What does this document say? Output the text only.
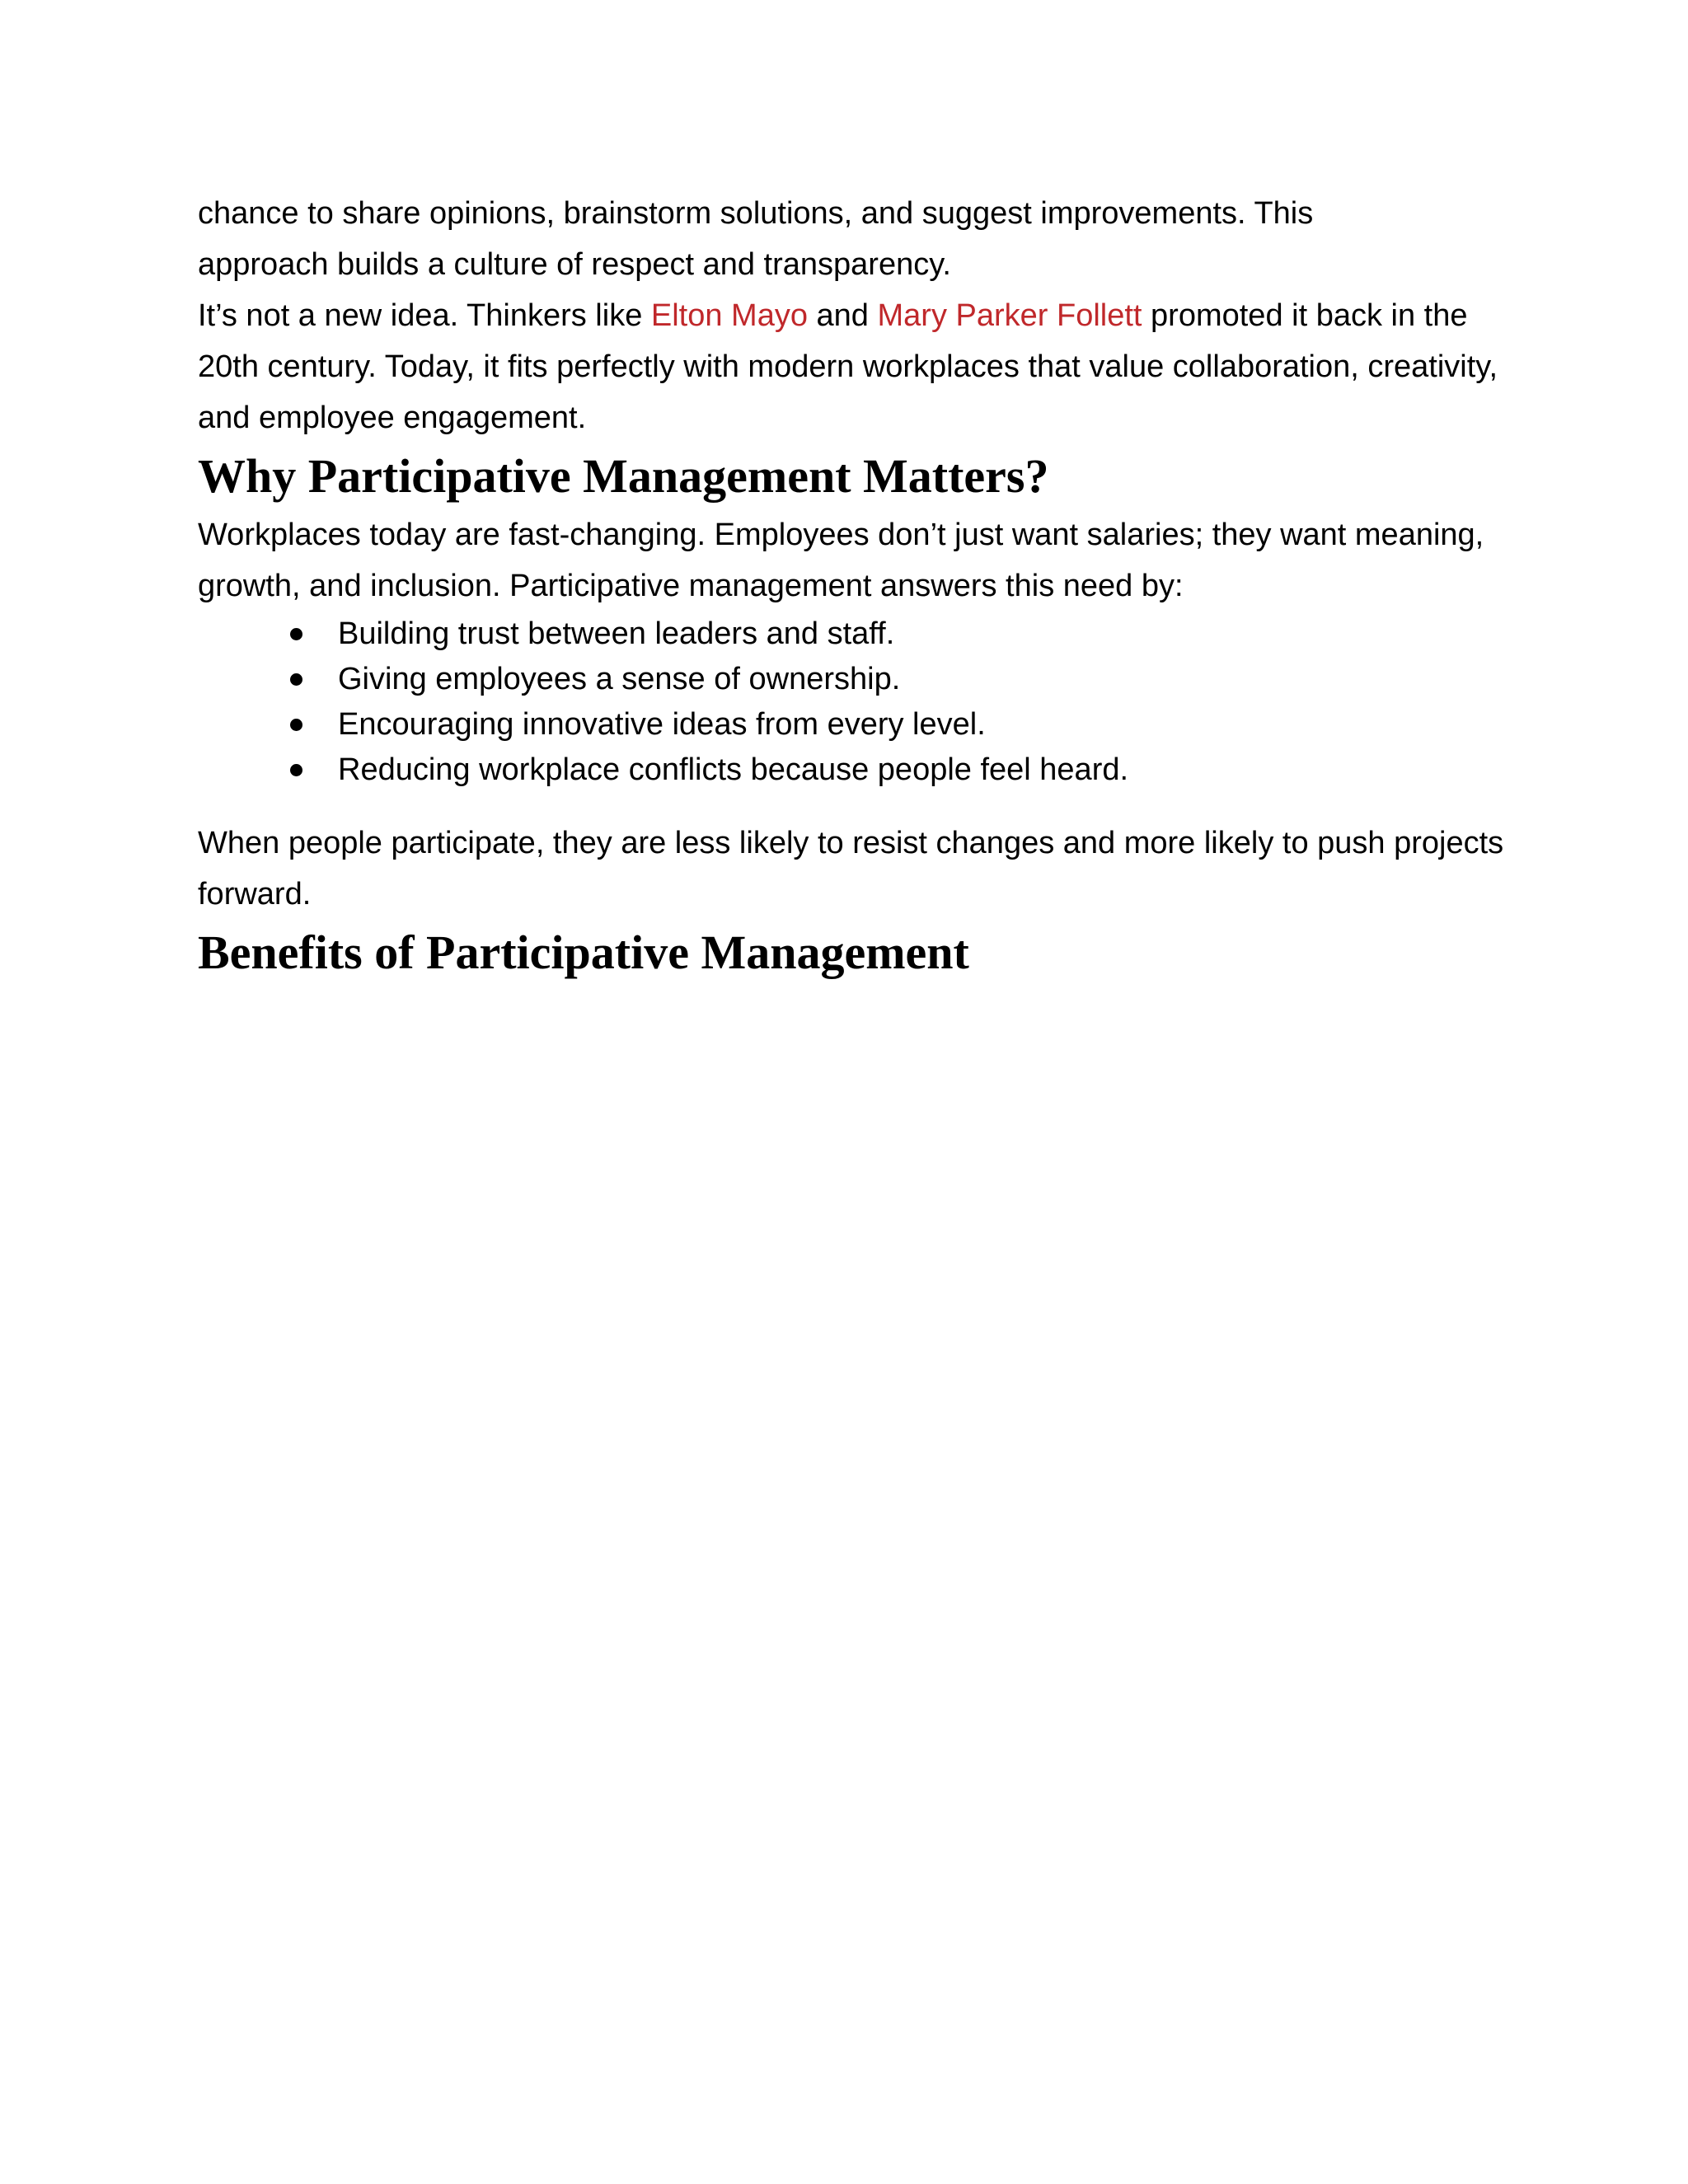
chance to share opinions, brainstorm solutions, and suggest improvements. This
approach builds a culture of respect and transparency.

It’s not a new idea. Thinkers like Elton Mayo and Mary Parker Follett promoted it back in the 20th century. Today, it fits perfectly with modern workplaces that value collaboration, creativity, and employee engagement.

Why Participative Management Matters?

Workplaces today are fast-changing. Employees don’t just want salaries; they want meaning, growth, and inclusion. Participative management answers this need by:

Building trust between leaders and staff.
Giving employees a sense of ownership.
Encouraging innovative ideas from every level.
Reducing workplace conflicts because people feel heard.

When people participate, they are less likely to resist changes and more likely to push projects forward.

Benefits of Participative Management
